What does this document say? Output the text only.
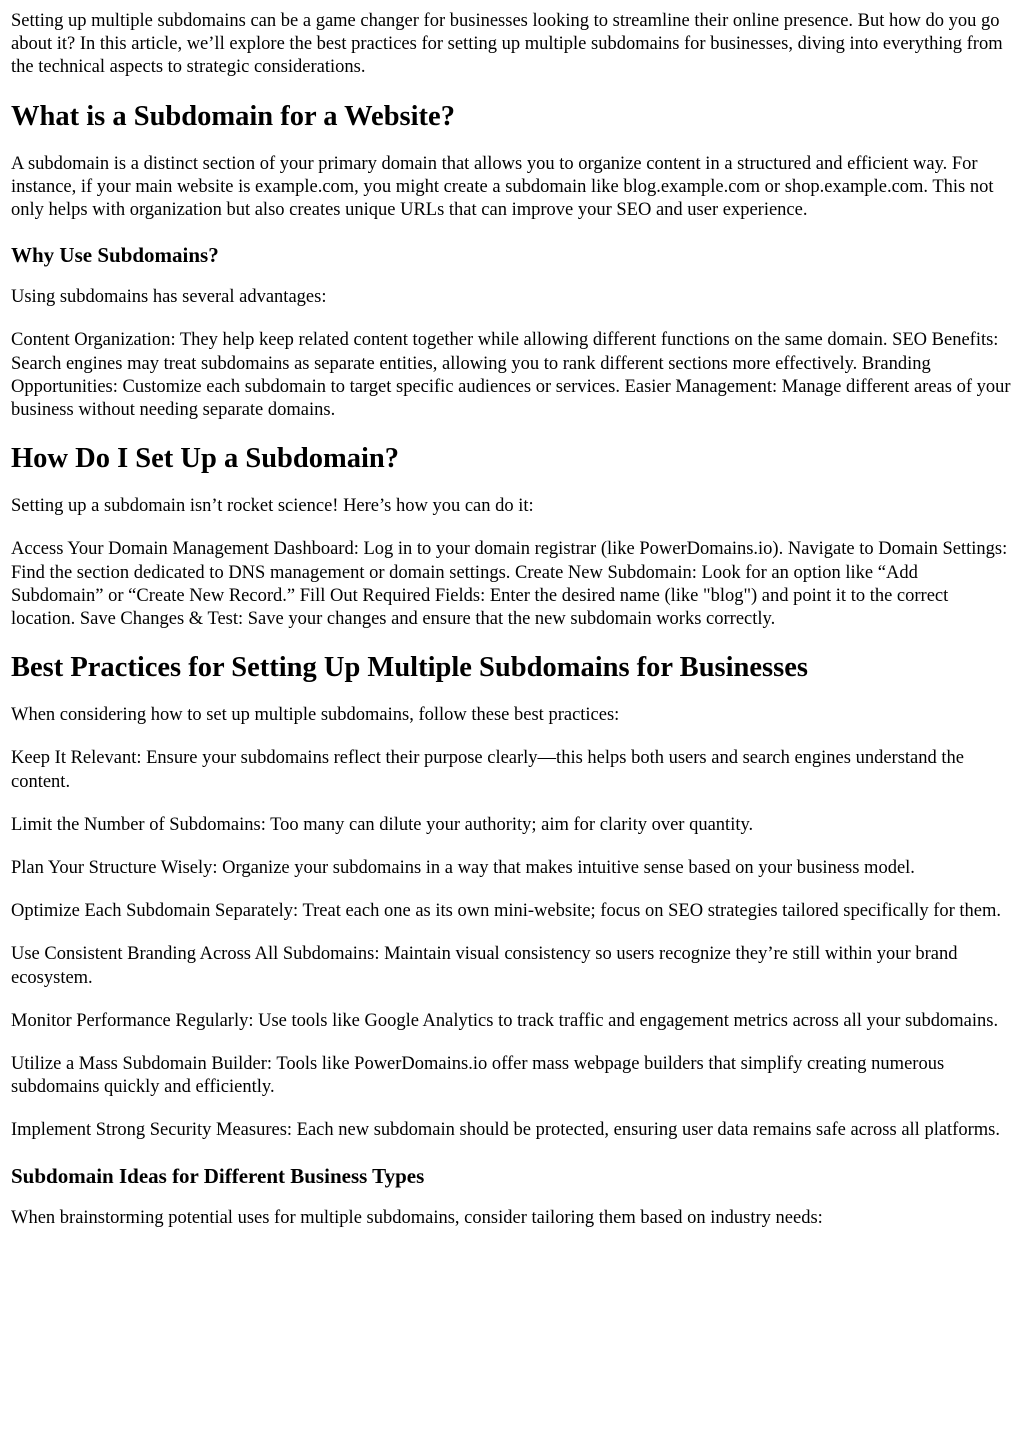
Setting up multiple subdomains can be a game changer for businesses looking to streamline their online presence. But how do you go about it? In this article, we’ll explore the best practices for setting up multiple subdomains for businesses, diving into everything from the technical aspects to strategic considerations.

What is a Subdomain for a Website?

A subdomain is a distinct section of your primary domain that allows you to organize content in a structured and efficient way. For instance, if your main website is example.com, you might create a subdomain like blog.example.com or shop.example.com. This not only helps with organization but also creates unique URLs that can improve your SEO and user experience.

Why Use Subdomains?

Using subdomains has several advantages:

Content Organization: They help keep related content together while allowing different functions on the same domain. SEO Benefits: Search engines may treat subdomains as separate entities, allowing you to rank different sections more effectively. Branding Opportunities: Customize each subdomain to target specific audiences or services. Easier Management: Manage different areas of your business without needing separate domains.

How Do I Set Up a Subdomain?

Setting up a subdomain isn’t rocket science! Here’s how you can do it:

Access Your Domain Management Dashboard: Log in to your domain registrar (like PowerDomains.io). Navigate to Domain Settings: Find the section dedicated to DNS management or domain settings. Create New Subdomain: Look for an option like “Add Subdomain” or “Create New Record.” Fill Out Required Fields: Enter the desired name (like "blog") and point it to the correct location. Save Changes & Test: Save your changes and ensure that the new subdomain works correctly.

Best Practices for Setting Up Multiple Subdomains for Businesses

When considering how to set up multiple subdomains, follow these best practices:

Keep It Relevant: Ensure your subdomains reflect their purpose clearly—this helps both users and search engines understand the content.

Limit the Number of Subdomains: Too many can dilute your authority; aim for clarity over quantity.

Plan Your Structure Wisely: Organize your subdomains in a way that makes intuitive sense based on your business model.

Optimize Each Subdomain Separately: Treat each one as its own mini-website; focus on SEO strategies tailored specifically for them.

Use Consistent Branding Across All Subdomains: Maintain visual consistency so users recognize they’re still within your brand ecosystem.

Monitor Performance Regularly: Use tools like Google Analytics to track traffic and engagement metrics across all your subdomains.

Utilize a Mass Subdomain Builder: Tools like PowerDomains.io offer mass webpage builders that simplify creating numerous subdomains quickly and efficiently.

Implement Strong Security Measures: Each new subdomain should be protected, ensuring user data remains safe across all platforms.

Subdomain Ideas for Different Business Types

When brainstorming potential uses for multiple subdomains, consider tailoring them based on industry needs:
